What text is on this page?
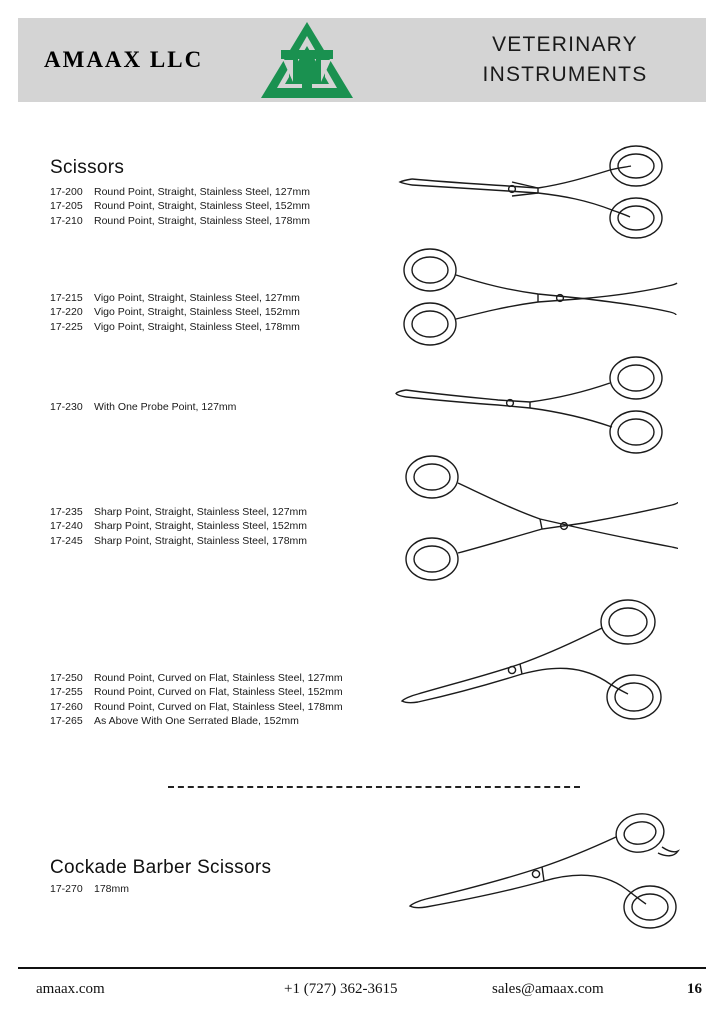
AMAAX LLC
VETERINARY
INSTRUMENTS
Scissors
17-200 Round Point, Straight, Stainless Steel, 127mm
17-205 Round Point, Straight, Stainless Steel, 152mm
17-210 Round Point, Straight, Stainless Steel, 178mm
17-215 Vigo Point, Straight, Stainless Steel, 127mm
17-220 Vigo Point, Straight, Stainless Steel, 152mm
17-225 Vigo Point, Straight, Stainless Steel, 178mm
17-230 With One Probe Point, 127mm
17-235 Sharp Point, Straight, Stainless Steel, 127mm
17-240 Sharp Point, Straight, Stainless Steel, 152mm
17-245 Sharp Point, Straight, Stainless Steel, 178mm
17-250 Round Point, Curved on Flat, Stainless Steel, 127mm
17-255 Round Point, Curved on Flat, Stainless Steel, 152mm
17-260 Round Point, Curved on Flat, Stainless Steel, 178mm
17-265 As Above With One Serrated Blade, 152mm
Cockade Barber Scissors
17-270 178mm
amaax.com	+1 (727) 362-3615	sales@amaax.com	16
